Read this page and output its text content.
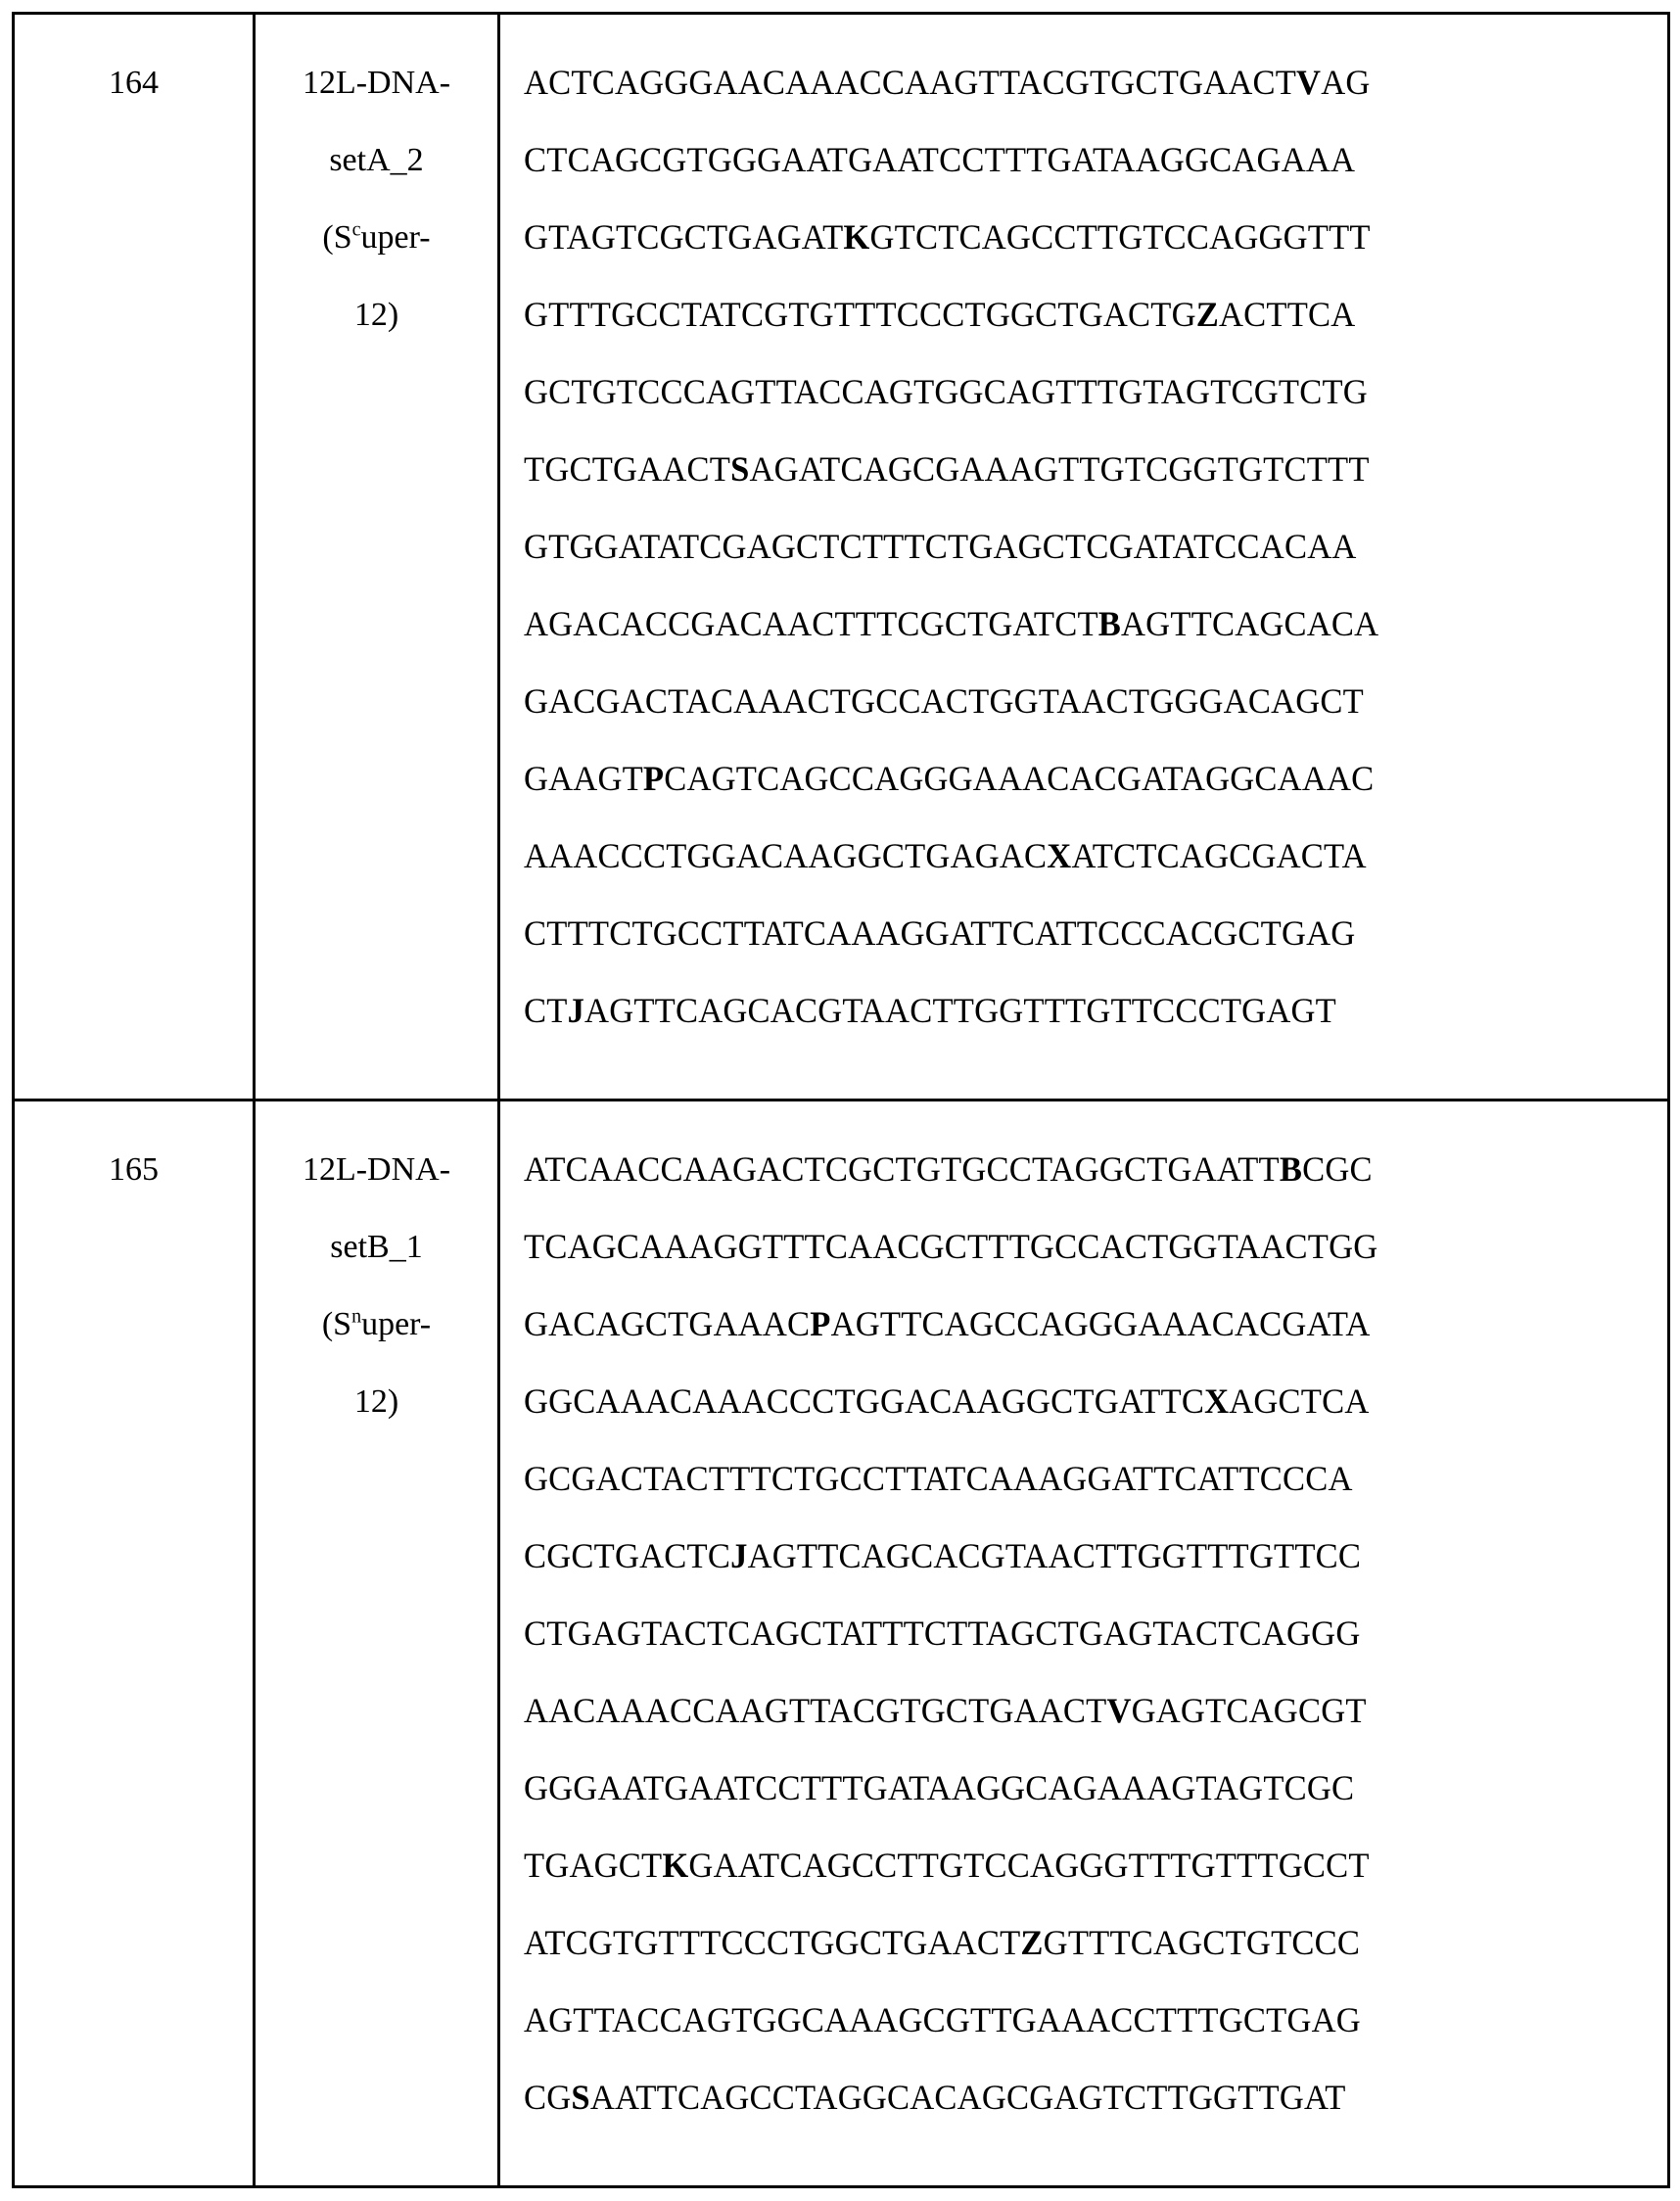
164	12L-DNA-
setA_2
(Scuper-
12)

ACTCAGGGAACAAACCAAGTTACGTGCTGAACTVAG
CTCAGCGTGGGAATGAATCCTTTGATAAGGCAGAAA
GTAGTCGCTGAGATKGTCTCAGCCTTGTCCAGGGTTT
GTTTGCCTATCGTGTTTCCCTGGCTGACTGZACTTCA
GCTGTCCCAGTTACCAGTGGCAGTTTGTAGTCGTCTG
TGCTGAACTSAGATCAGCGAAAGTTGTCGGTGTCTTT
GTGGATATCGAGCTCTTTCTGAGCTCGATATCCACAA
AGACACCGACAACTTTCGCTGATCTBAGTTCAGCACA
GACGACTACAAACTGCCACTGGTAACTGGGACAGCT
GAAGTPCAGTCAGCCAGGGAAACACGATAGGCAAAC
AAACCCTGGACAAGGCTGAGACXATCTCAGCGACTA
CTTTCTGCCTTATCAAAGGATTCATTCCCACGCTGAG
CTJAGTTCAGCACGTAACTTGGTTTGTTCCCTGAGT

165	12L-DNA-
setB_1
(Snuper-
12)

ATCAACCAAGACTCGCTGTGCCTAGGCTGAATTBCGC
TCAGCAAAGGTTTCAACGCTTTGCCACTGGTAACTGG
GACAGCTGAAACPAGTTCAGCCAGGGAAACACGATA
GGCAAACAAACCCTGGACAAGGCTGATTCXAGCTCA
GCGACTACTTTCTGCCTTATCAAAGGATTCATTCCCA
CGCTGACTCJAGTTCAGCACGTAACTTGGTTTGTTCC
CTGAGTACTCAGCTATTTCTTAGCTGAGTACTCAGGG
AACAAACCAAGTTACGTGCTGAACTVGAGTCAGCGT
GGGAATGAATCCTTTGATAAGGCAGAAAGTAGTCGC
TGAGCTKGAATCAGCCTTGTCCAGGGTTTGTTTGCCT
ATCGTGTTTCCCTGGCTGAACTZGTTTCAGCTGTCCC
AGTTACCAGTGGCAAAGCGTTGAAACCTTTGCTGAG
CGSAATTCAGCCTAGGCACAGCGAGTCTTGGTTGAT
